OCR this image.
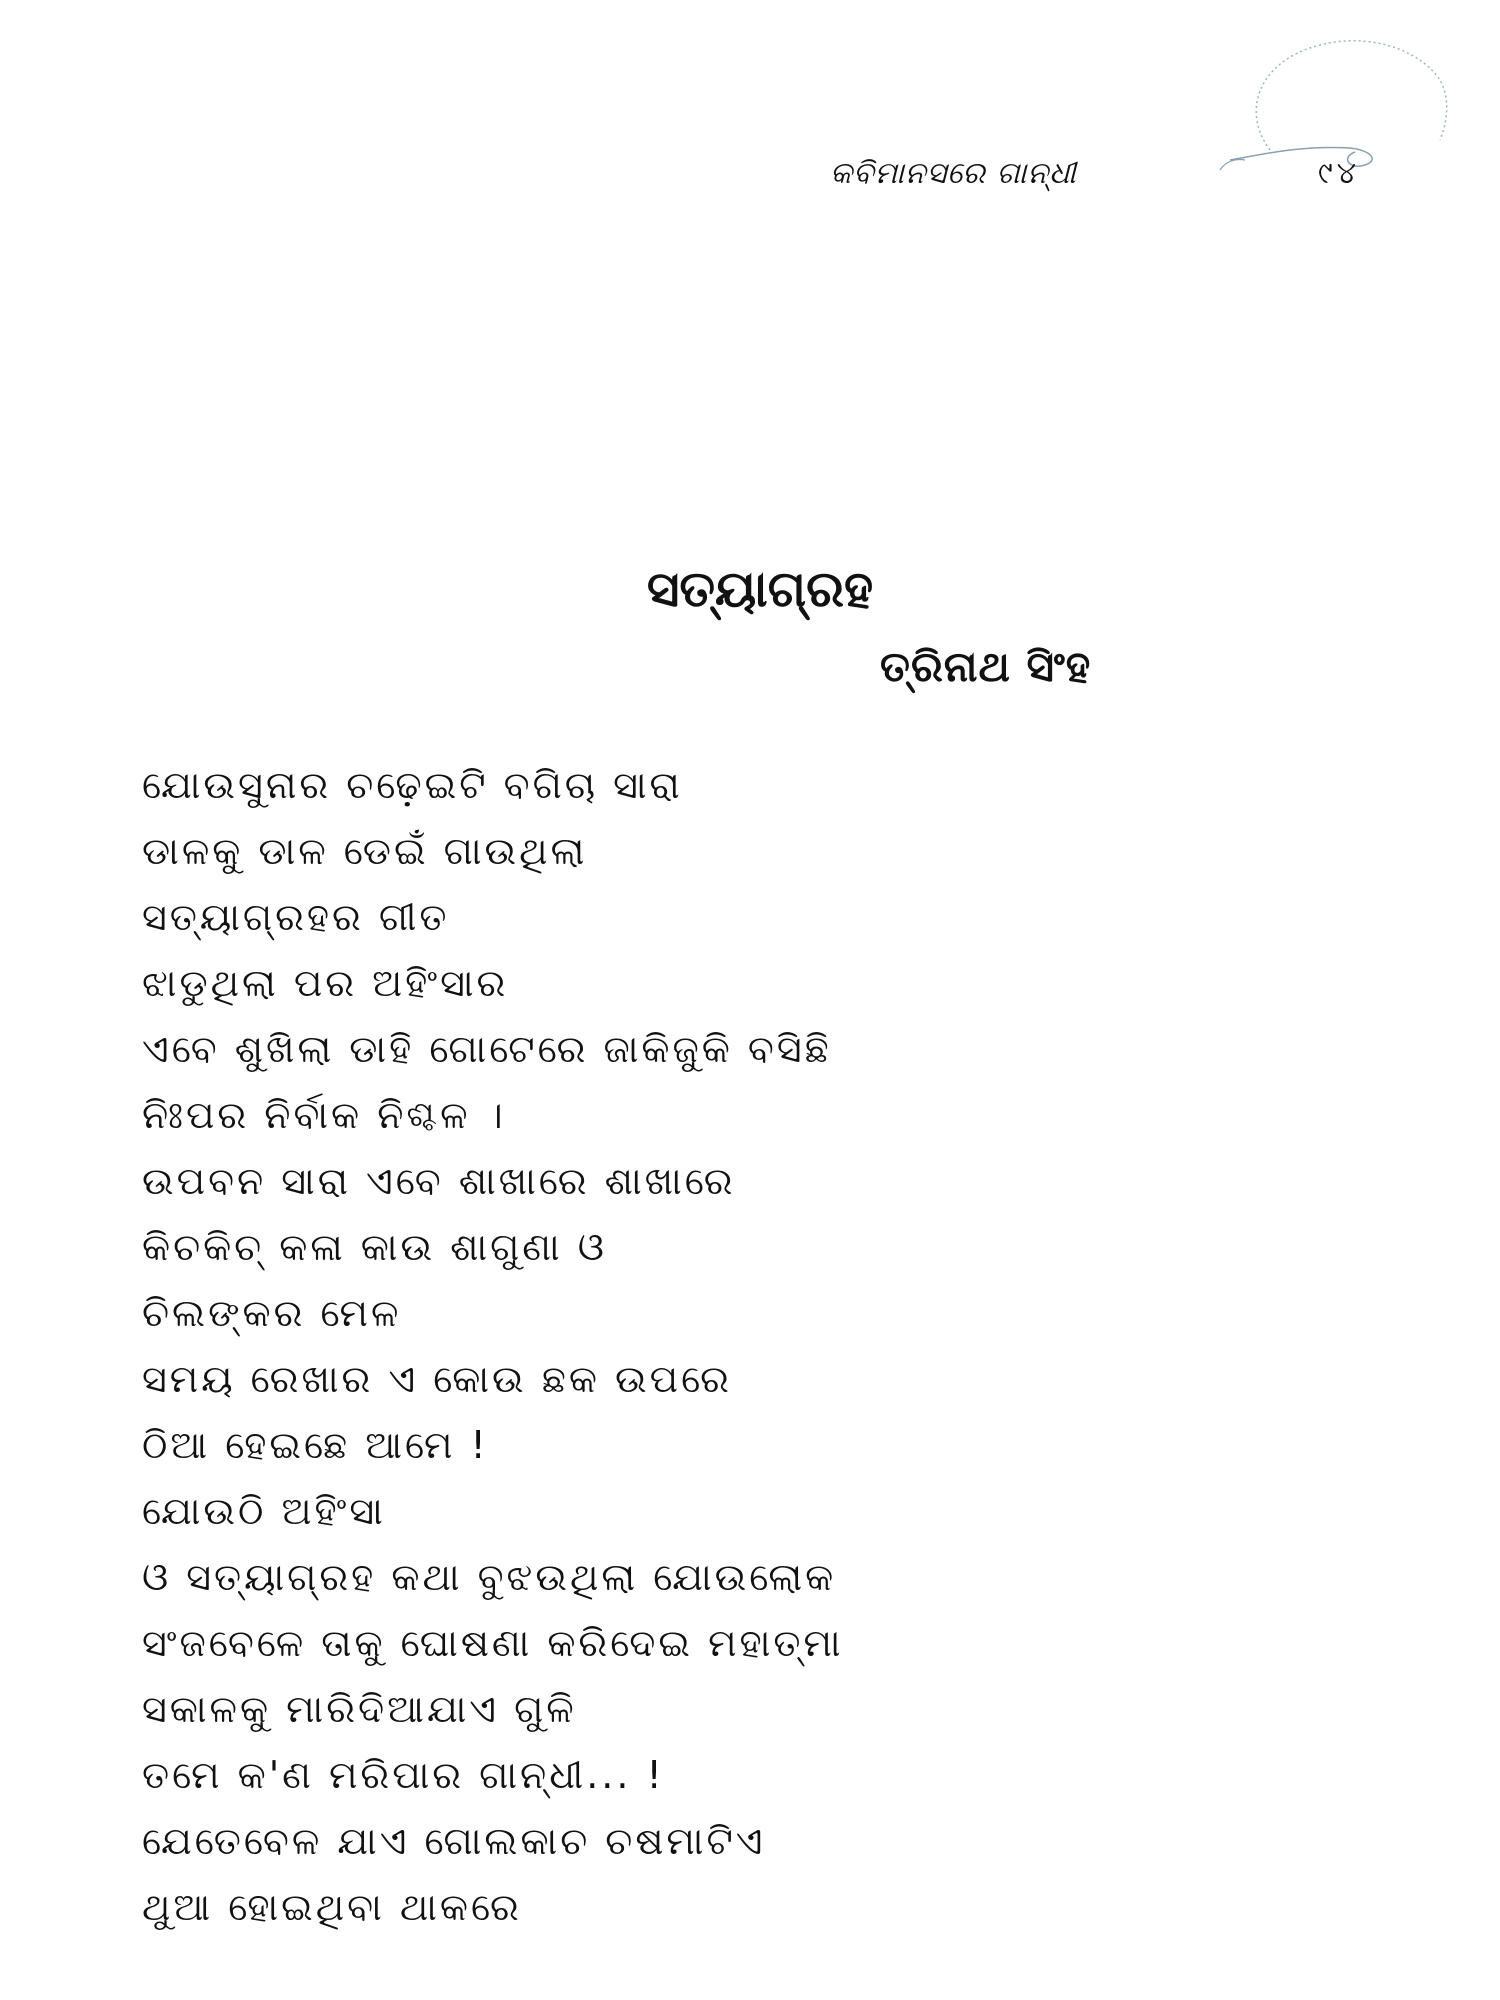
କବିମାନସରେ ଗାନ୍ଧୀ	୯୪
ସତ୍ୟାଗ୍ରହ
ତ୍ରିନାଥ ସିଂହ
ଯୋଉସୁନାର ଚଢ଼େଇଟି ବଗିଚା ସାରା
ଡାଳକୁ ଡାଳ ଡେଇଁ ଗାଉଥିଲା
ସତ୍ୟାଗ୍ରହର ଗୀତ
ଝାଡୁଥିଲା ପର ଅହିଂସାର
ଏବେ ଶୁଖିଲା ଡାହି ଗୋଟେରେ ଜାକିଜୁକି ବସିଛି
ନିଃପର ନିର୍ବାକ ନିଶ୍ଚଳ ।
ଉପବନ ସାରା ଏବେ ଶାଖାରେ ଶାଖାରେ
କିଚକିଚ୍ କଳା କାଉ ଶାଗୁଣା ଓ
ଚିଲଙ୍କର ମେଳ
ସମୟ ରେଖାର ଏ କୋଉ ଛକ ଉପରେ
ଠିଆ ହେଇଛେ ଆମେ !
ଯୋଉଠି ଅହିଂସା
ଓ ସତ୍ୟାଗ୍ରହ କଥା ବୁଝଉଥିଲା ଯୋଉଲୋକ
ସଂଜବେଳେ ତାକୁ ଘୋଷଣା କରିଦେଇ ମହାତ୍ମା
ସକାଳକୁ ମାରିଦିଆଯାଏ ଗୁଳି
ତମେ କ'ଣ ମରିପାର ଗାନ୍ଧୀ... !
ଯେତେବେଳ ଯାଏ ଗୋଲକାଚ ଚଷମାଟିଏ
ଥୁଆ ହୋଇଥିବା ଥାକରେ
